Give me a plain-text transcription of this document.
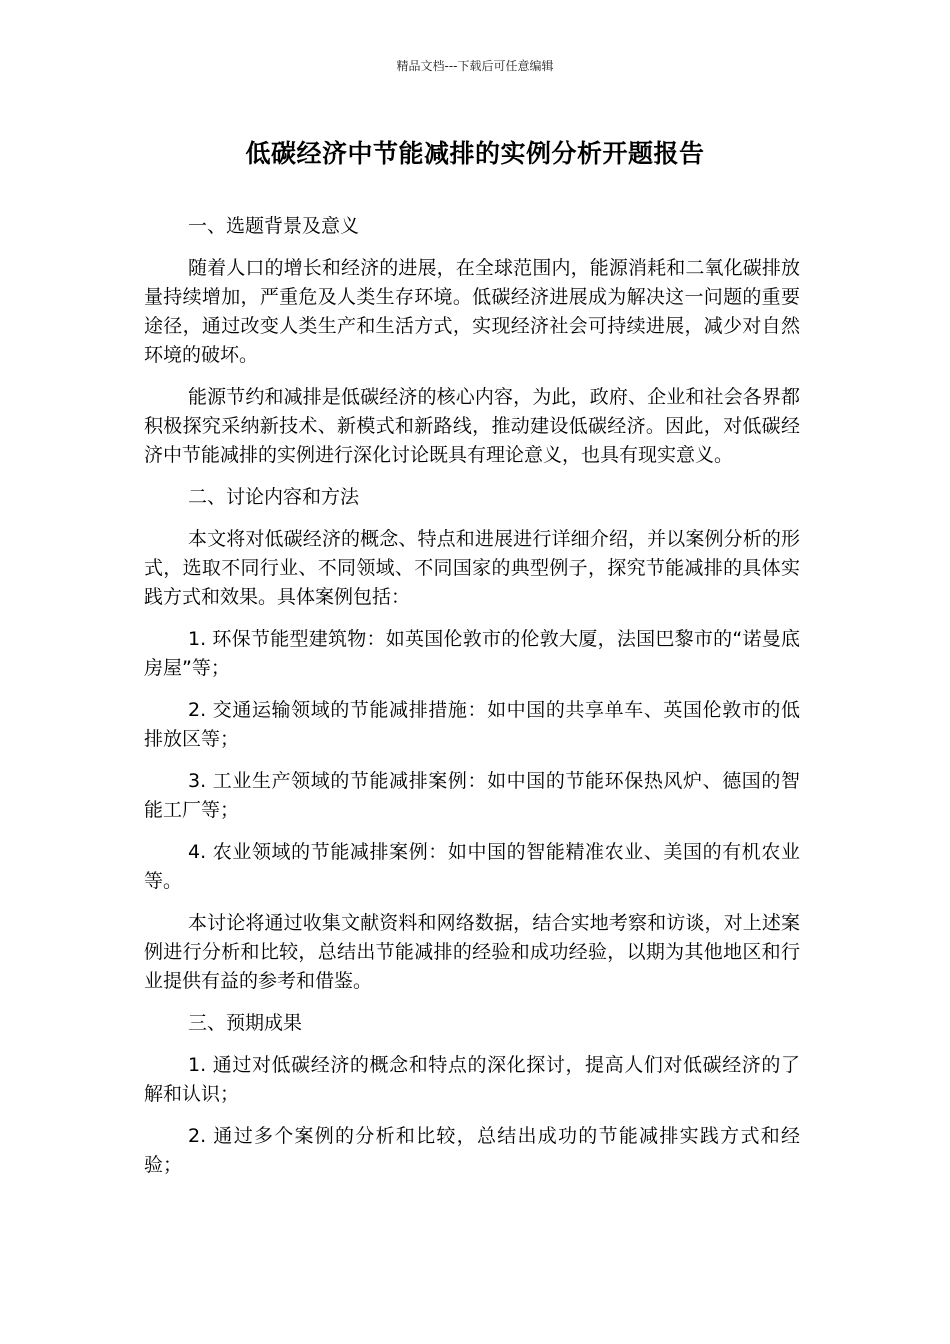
精品文档---下载后可任意编辑
低碳经济中节能减排的实例分析开题报告

一、选题背景及意义

随着人口的增长和经济的进展，在全球范围内，能源消耗和二氧化碳排放量持续增加，严重危及人类生存环境。低碳经济进展成为解决这一问题的重要途径，通过改变人类生产和生活方式，实现经济社会可持续进展，减少对自然环境的破坏。

能源节约和减排是低碳经济的核心内容，为此，政府、企业和社会各界都积极探究采纳新技术、新模式和新路线，推动建设低碳经济。因此，对低碳经济中节能减排的实例进行深化讨论既具有理论意义，也具有现实意义。

二、讨论内容和方法

本文将对低碳经济的概念、特点和进展进行详细介绍，并以案例分析的形式，选取不同行业、不同领域、不同国家的典型例子，探究节能减排的具体实践方式和效果。具体案例包括：

1. 环保节能型建筑物：如英国伦敦市的伦敦大厦，法国巴黎市的“诺曼底房屋”等；

2. 交通运输领域的节能减排措施：如中国的共享单车、英国伦敦市的低排放区等；

3. 工业生产领域的节能减排案例：如中国的节能环保热风炉、德国的智能工厂等；

4. 农业领域的节能减排案例：如中国的智能精准农业、美国的有机农业等。

本讨论将通过收集文献资料和网络数据，结合实地考察和访谈，对上述案例进行分析和比较，总结出节能减排的经验和成功经验，以期为其他地区和行业提供有益的参考和借鉴。

三、预期成果

1. 通过对低碳经济的概念和特点的深化探讨，提高人们对低碳经济的了解和认识；

2. 通过多个案例的分析和比较，总结出成功的节能减排实践方式和经验；
